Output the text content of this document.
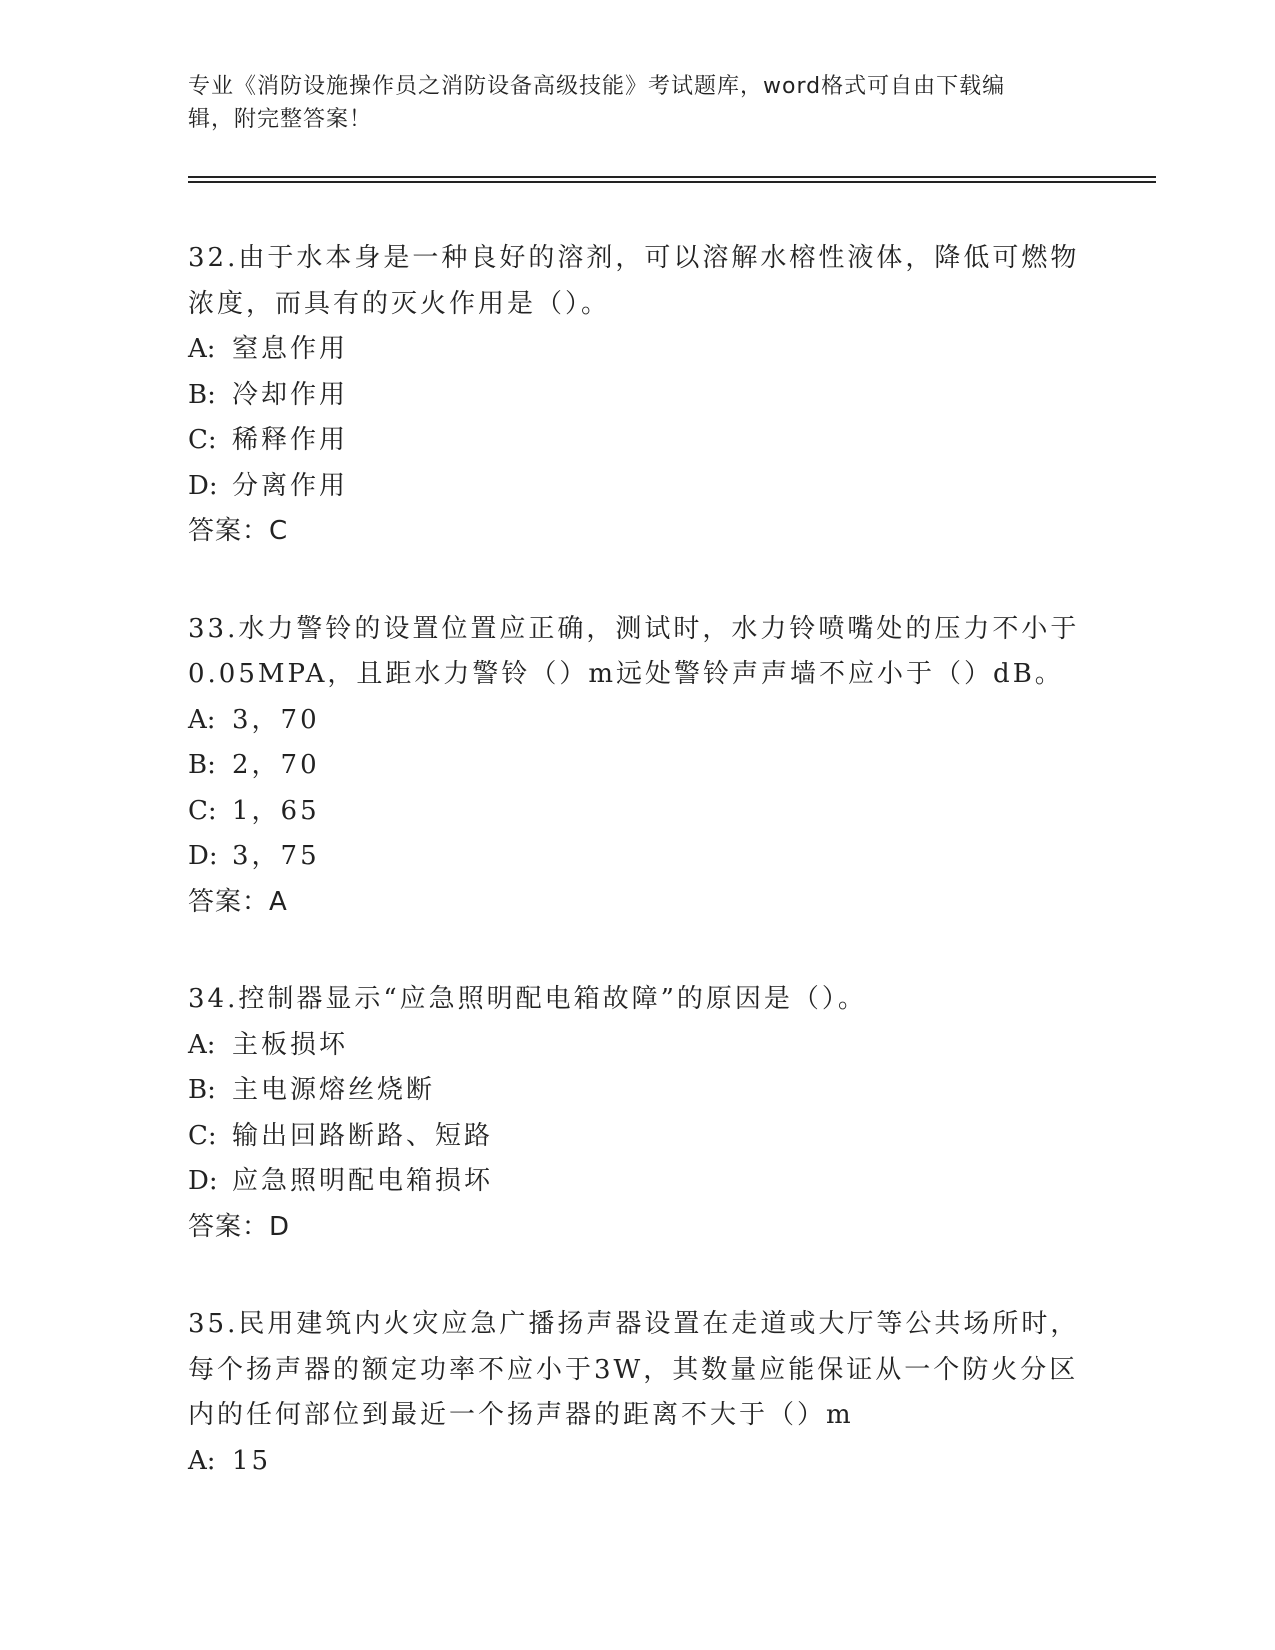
专业《消防设施操作员之消防设备高级技能》考试题库，word格式可自由下载编
辑，附完整答案！

32.由于水本身是一种良好的溶剂，可以溶解水榕性液体，降低可燃物

浓度，而具有的灭火作用是（）。

A: 窒息作用

B: 冷却作用

C: 稀释作用

D: 分离作用

答案：C

33.水力警铃的设置位置应正确，测试时，水力铃喷嘴处的压力不小于

0.05MPA，且距水力警铃（）m远处警铃声声墙不应小于（）dB。

A: 3，70

B: 2，70

C: 1，65

D: 3，75

答案：A

34.控制器显示“应急照明配电箱故障”的原因是（）。

A: 主板损坏

B: 主电源熔丝烧断

C: 输出回路断路、短路

D: 应急照明配电箱损坏

答案：D

35.民用建筑内火灾应急广播扬声器设置在走道或大厅等公共场所时，

每个扬声器的额定功率不应小于3W，其数量应能保证从一个防火分区

内的任何部位到最近一个扬声器的距离不大于（）m

A: 15
